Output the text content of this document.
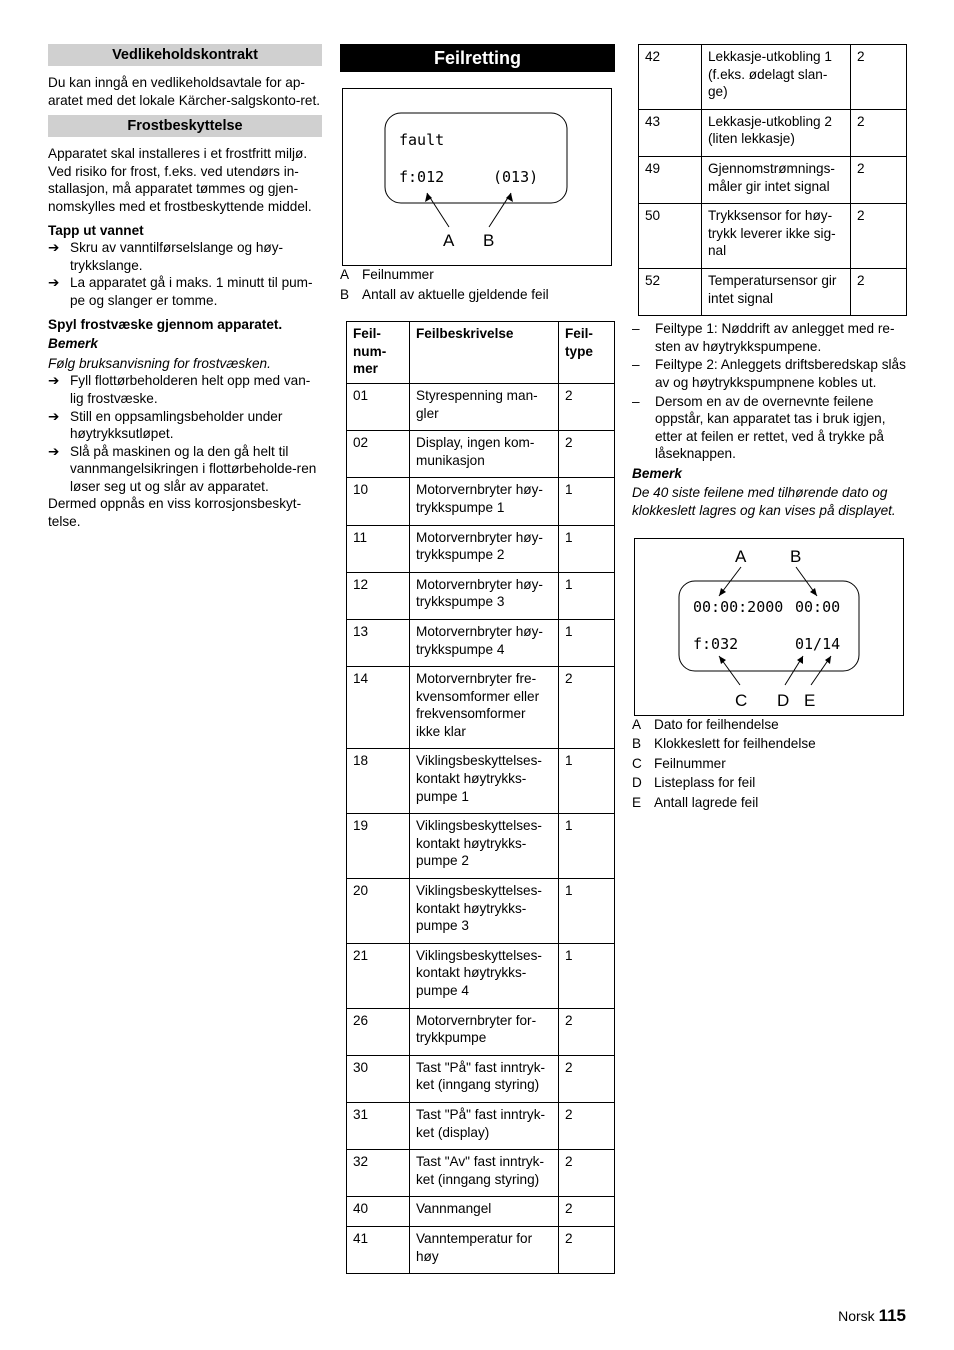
Vedlikeholdskontrakt

Du kan inngå en vedlikeholdsavtale for ap-aratet med det lokale Kärcher-salgskonto-ret.

Frostbeskyttelse

Apparatet skal installeres i et frostfritt miljø. Ved risiko for frost, f.eks. ved utendørs in-stallasjon, må apparatet tømmes og gjen-nomskylles med et frostbeskyttende middel.

Tapp ut vannet

➔ Skru av vanntilførselslange og høy-trykkslange.
➔ La apparatet gå i maks. 1 minutt til pum-pe og slanger er tomme.

Spyl frostvæske gjennom apparatet.

Bemerk

Følg bruksanvisning for frostvæsken.

➔ Fyll flottørbeholderen helt opp med van-lig frostvæske.
➔ Still en oppsamlingsbeholder under høytrykksutløpet.
➔ Slå på maskinen og la den gå helt til vannmangelsikringen i flottørbeholde-ren løser seg ut og slår av apparatet.

Dermed oppnås en viss korrosjonsbeskyt-telse.

Feilretting
fault
f:012	(013)
A B
A Feilnummer
B Antall av aktuelle gjeldende feil
Feil-num-mer	Feilbeskrivelse	Feil-type
01	Styrespenning man-gler	2
02	Display, ingen kom-munikasjon	2
10	Motorvernbryter høy-trykkspumpe 1	1
11	Motorvernbryter høy-trykkspumpe 2	1
12	Motorvernbryter høy-trykkspumpe 3	1
13	Motorvernbryter høy-trykkspumpe 4	1
14	Motorvernbryter fre-kvensomformer eller frekvensomformer ikke klar	2
18	Viklingsbeskyttelses-kontakt høytrykks-pumpe 1	1
19	Viklingsbeskyttelses-kontakt høytrykks-pumpe 2	1
20	Viklingsbeskyttelses-kontakt høytrykks-pumpe 3	1
21	Viklingsbeskyttelses-kontakt høytrykks-pumpe 4	1
26	Motorvernbryter for-trykkpumpe	2
30	Tast "På" fast inntryk-ket (inngang styring)	2
31	Tast "På" fast inntryk-ket (display)	2
32	Tast "Av" fast inntryk-ket (inngang styring)	2
40	Vannmangel	2
41	Vanntemperatur for høy	2
42	Lekkasje-utkobling 1 (f.eks. ødelagt slan-ge)	2
43	Lekkasje-utkobling 2 (liten lekkasje)	2
49	Gjennomstrømnings-måler gir intet signal	2
50	Trykksensor for høy-trykk leverer ikke sig-nal	2
52	Temperatursensor gir intet signal	2
– Feiltype 1: Nøddrift av anlegget med re-sten av høytrykkspumpene.
– Feiltype 2: Anleggets driftsberedskap slås av og høytrykkspumpnene kobles ut.
– Dersom en av de overnevnte feilene oppstår, kan apparatet tas i bruk igjen, etter at feilen er rettet, ved å trykke på låseknappen.

Bemerk

De 40 siste feilene med tilhørende dato og klokkeslett lagres og kan vises på displayet.

00:00:2000 00:00
f:032	01/14
A	B
C D E
A Dato for feilhendelse
B Klokkeslett for feilhendelse
C Feilnummer
D Listeplass for feil
E Antall lagrede feil
Norsk 115
